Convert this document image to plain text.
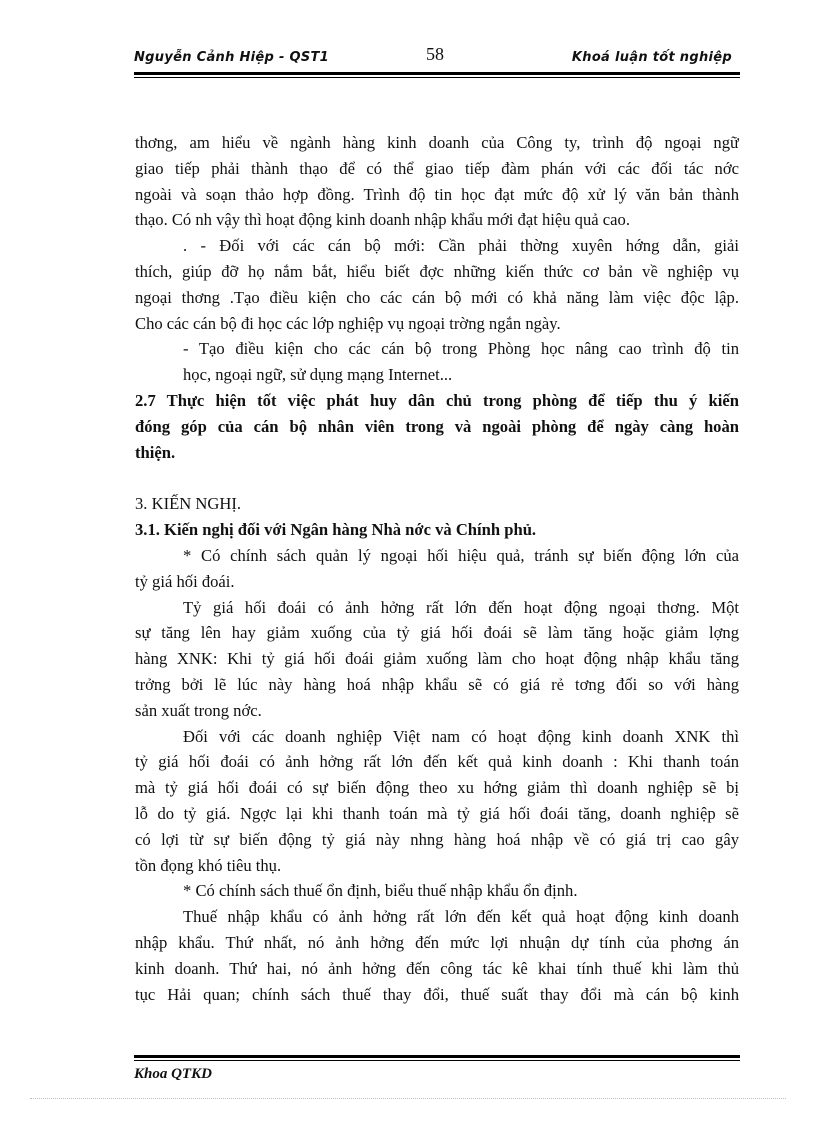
Nguyễn Cảnh Hiệp - QST1	58	Khoá luận tốt nghiệp
thơng, am hiểu về ngành hàng kinh doanh của Công ty, trình độ ngoại ngữ
giao tiếp phải thành thạo để có thể giao tiếp đàm phán với các đối tác nớc
ngoài và soạn thảo hợp đồng. Trình độ tin học đạt mức độ xử lý văn bản thành
thạo. Có nh vậy thì hoạt động kinh doanh nhập khẩu mới đạt hiệu quả cao.
. - Đối với các cán bộ mới: Cần phải thờng xuyên hớng dẫn, giải
thích, giúp đỡ họ nắm bắt, hiểu biết đợc những kiến thức cơ bản về nghiệp vụ
ngoại thơng .Tạo điều kiện cho các cán bộ mới có khả năng làm việc độc lập.
Cho các cán bộ đi học các lớp nghiệp vụ ngoại trờng ngắn ngày.
- Tạo điều kiện cho các cán bộ trong Phòng học nâng cao trình độ tin
học, ngoại ngữ, sử dụng mạng Internet...
2.7 Thực hiện tốt việc phát huy dân chủ trong phòng để tiếp thu ý kiến
đóng góp của cán bộ nhân viên trong và ngoài phòng để ngày càng hoàn
thiện.
3. KIẾN NGHỊ.
3.1. Kiến nghị đối với Ngân hàng Nhà nớc và Chính phủ.
* Có chính sách quản lý ngoại hối hiệu quả, tránh sự biến động lớn của
tỷ giá hối đoái.
Tỷ giá hối đoái có ảnh hởng rất lớn đến hoạt động ngoại thơng. Một
sự tăng lên hay giảm xuống của tỷ giá hối đoái sẽ làm tăng hoặc giảm lợng
hàng XNK: Khi tỷ giá hối đoái giảm xuống làm cho hoạt động nhập khẩu tăng
trởng bởi lẽ lúc này hàng hoá nhập khẩu sẽ có giá rẻ tơng đối so với hàng
sản xuất trong nớc.
Đối với các doanh nghiệp Việt nam có hoạt động kinh doanh XNK thì
tỷ giá hối đoái có ảnh hởng rất lớn đến kết quả kinh doanh : Khi thanh toán
mà tỷ giá hối đoái có sự biến động theo xu hớng giảm thì doanh nghiệp sẽ bị
lỗ do tỷ giá. Ngợc lại khi thanh toán mà tỷ giá hối đoái tăng, doanh nghiệp sẽ
có lợi từ sự biến động tỷ giá này nhng hàng hoá nhập về có giá trị cao gây
tồn đọng khó tiêu thụ.
* Có chính sách thuế ổn định, biểu thuế nhập khẩu ổn định.
Thuế nhập khẩu có ảnh hởng rất lớn đến kết quả hoạt động kinh doanh
nhập khẩu. Thứ nhất, nó ảnh hởng đến mức lợi nhuận dự tính của phơng án
kinh doanh. Thứ hai, nó ảnh hởng đến công tác kê khai tính thuế khi làm thủ
tục Hải quan; chính sách thuế thay đổi, thuế suất thay đổi mà cán bộ kinh
Khoa QTKD
